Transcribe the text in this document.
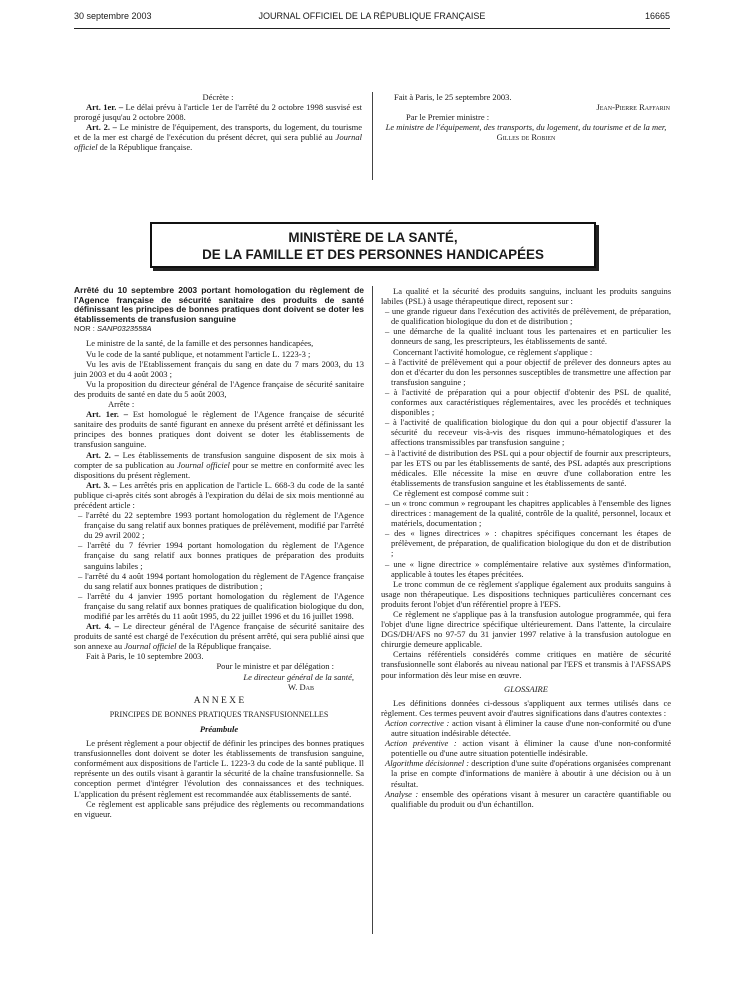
30 septembre 2003	JOURNAL OFFICIEL DE LA RÉPUBLIQUE FRANÇAISE	16665

Décrète :

Art. 1er. – Le délai prévu à l'article 1er de l'arrêté du 2 octobre 1998 susvisé est prorogé jusqu'au 2 octobre 2008.

Art. 2. – Le ministre de l'équipement, des transports, du logement, du tourisme et de la mer est chargé de l'exécution du présent décret, qui sera publié au Journal officiel de la République française.

Fait à Paris, le 25 septembre 2003.

Jean-Pierre Raffarin

Par le Premier ministre :

Le ministre de l'équipement, des transports, du logement, du tourisme et de la mer,

Gilles de Robien

MINISTÈRE DE LA SANTÉ,
DE LA FAMILLE ET DES PERSONNES HANDICAPÉES

Arrêté du 10 septembre 2003 portant homologation du règlement de l'Agence française de sécurité sanitaire des produits de santé définissant les principes de bonnes pratiques dont doivent se doter les établissements de transfusion sanguine

NOR : SANP0323558A

Le ministre de la santé, de la famille et des personnes handicapées,

Vu le code de la santé publique, et notamment l'article L. 1223-3 ;

Vu les avis de l'Etablissement français du sang en date du 7 mars 2003, du 13 juin 2003 et du 4 août 2003 ;

Vu la proposition du directeur général de l'Agence française de sécurité sanitaire des produits de santé en date du 5 août 2003,

Arrête :

Art. 1er. – Est homologué le règlement de l'Agence française de sécurité sanitaire des produits de santé figurant en annexe du présent arrêté et définissant les principes des bonnes pratiques dont doivent se doter les établissements de transfusion sanguine.

Art. 2. – Les établissements de transfusion sanguine disposent de six mois à compter de sa publication au Journal officiel pour se mettre en conformité avec les dispositions du présent règlement.

Art. 3. – Les arrêtés pris en application de l'article L. 668-3 du code de la santé publique ci-après cités sont abrogés à l'expiration du délai de six mois mentionné au précédent article :

– l'arrêté du 22 septembre 1993 portant homologation du règlement de l'Agence française du sang relatif aux bonnes pratiques de prélèvement, modifié par l'arrêté du 29 avril 2002 ;

– l'arrêté du 7 février 1994 portant homologation du règlement de l'Agence française du sang relatif aux bonnes pratiques de préparation des produits sanguins labiles ;

– l'arrêté du 4 août 1994 portant homologation du règlement de l'Agence française du sang relatif aux bonnes pratiques de distribution ;

– l'arrêté du 4 janvier 1995 portant homologation du règlement de l'Agence française du sang relatif aux bonnes pratiques de qualification biologique du don, modifié par les arrêtés du 11 août 1995, du 22 juillet 1996 et du 16 juillet 1998.

Art. 4. – Le directeur général de l'Agence française de sécurité sanitaire des produits de santé est chargé de l'exécution du présent arrêté, qui sera publié ainsi que son annexe au Journal officiel de la République française.

Fait à Paris, le 10 septembre 2003.

Pour le ministre et par délégation :

Le directeur général de la santé,

W. Dab

A N N E X E

PRINCIPES DE BONNES PRATIQUES TRANSFUSIONNELLES

Préambule

Le présent règlement a pour objectif de définir les principes des bonnes pratiques transfusionnelles dont doivent se doter les établissements de transfusion sanguine, conformément aux dispositions de l'article L. 1223-3 du code de la santé publique. Il représente un des outils visant à garantir la sécurité de la chaîne transfusionnelle. Sa conception permet d'intégrer l'évolution des connaissances et des techniques. L'application du présent règlement est recommandée aux établissements de santé.

Ce règlement est applicable sans préjudice des règlements ou recommandations en vigueur.

La qualité et la sécurité des produits sanguins, incluant les produits sanguins labiles (PSL) à usage thérapeutique direct, reposent sur :

– une grande rigueur dans l'exécution des activités de prélèvement, de préparation, de qualification biologique du don et de distribution ;

– une démarche de la qualité incluant tous les partenaires et en particulier les donneurs de sang, les prescripteurs, les établissements de santé.

Concernant l'activité homologue, ce règlement s'applique :

– à l'activité de prélèvement qui a pour objectif de prélever des donneurs aptes au don et d'écarter du don les personnes susceptibles de transmettre une affection par transfusion sanguine ;

– à l'activité de préparation qui a pour objectif d'obtenir des PSL de qualité, conformes aux caractéristiques réglementaires, avec les procédés et techniques disponibles ;

– à l'activité de qualification biologique du don qui a pour objectif d'assurer la sécurité du receveur vis-à-vis des risques immuno-hématologiques et des affections transmissibles par transfusion sanguine ;

– à l'activité de distribution des PSL qui a pour objectif de fournir aux prescripteurs, par les ETS ou par les établissements de santé, des PSL adaptés aux prescriptions médicales. Elle nécessite la mise en œuvre d'une collaboration entre les établissements de transfusion sanguine et les établissements de santé.

Ce règlement est composé comme suit :

– un « tronc commun » regroupant les chapitres applicables à l'ensemble des lignes directrices : management de la qualité, contrôle de la qualité, personnel, locaux et matériels, documentation ;

– des « lignes directrices » : chapitres spécifiques concernant les étapes de prélèvement, de préparation, de qualification biologique du don et de distribution ;

– une « ligne directrice » complémentaire relative aux systèmes d'information, applicable à toutes les étapes précitées.

Le tronc commun de ce règlement s'applique également aux produits sanguins à usage non thérapeutique. Les dispositions techniques particulières concernant ces produits feront l'objet d'un référentiel propre à l'EFS.

Ce règlement ne s'applique pas à la transfusion autologue programmée, qui fera l'objet d'une ligne directrice spécifique ultérieurement. Dans l'attente, la circulaire DGS/DH/AFS no 97-57 du 31 janvier 1997 relative à la transfusion autologue en chirurgie demeure applicable.

Certains référentiels considérés comme critiques en matière de sécurité transfusionnelle sont élaborés au niveau national par l'EFS et transmis à l'AFSSAPS pour information dès leur mise en œuvre.

GLOSSAIRE

Les définitions données ci-dessous s'appliquent aux termes utilisés dans ce règlement. Ces termes peuvent avoir d'autres significations dans d'autres contextes :

Action corrective : action visant à éliminer la cause d'une non-conformité ou d'une autre situation indésirable détectée.

Action préventive : action visant à éliminer la cause d'une non-conformité potentielle ou d'une autre situation potentielle indésirable.

Algorithme décisionnel : description d'une suite d'opérations organisées comprenant la prise en compte d'informations de manière à aboutir à une décision ou à un résultat.

Analyse : ensemble des opérations visant à mesurer un caractère quantifiable ou qualifiable du produit ou d'un échantillon.
